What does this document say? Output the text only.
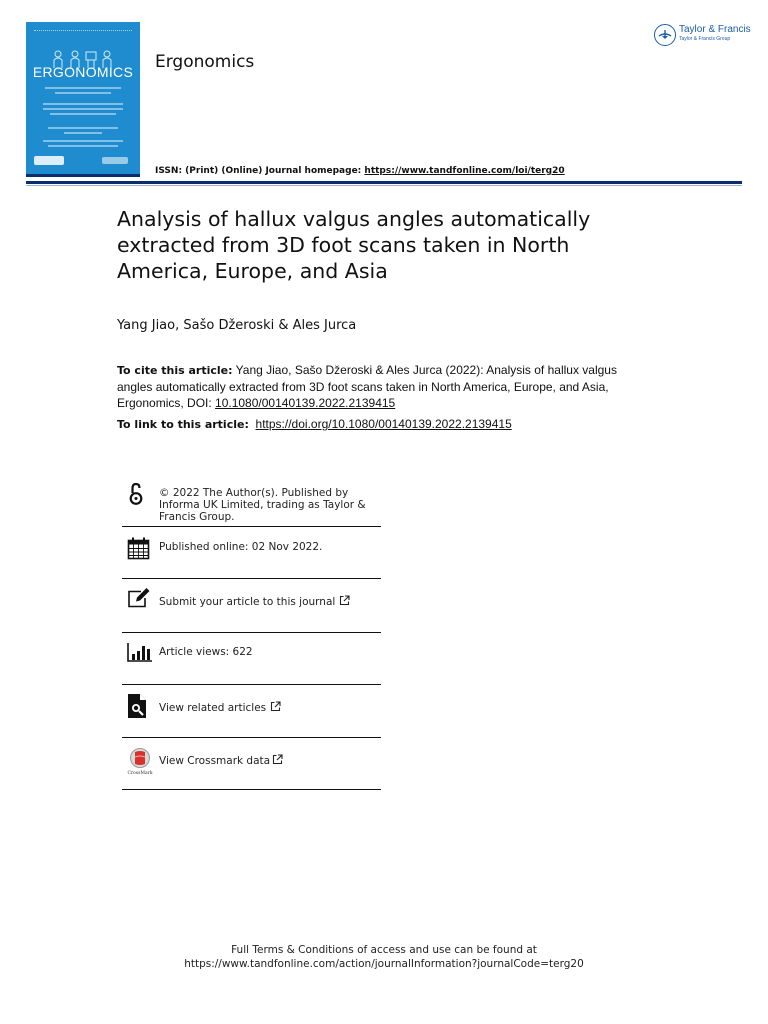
ERGONOMICS	Ergonomics
Taylor & Francis
Taylor & Francis Group
ISSN: (Print) (Online) Journal homepage: https://www.tandfonline.com/loi/terg20
Analysis of hallux valgus angles automatically extracted from 3D foot scans taken in North America, Europe, and Asia
Yang Jiao, Sašo Džeroski & Ales Jurca
To cite this article: Yang Jiao, Sašo Džeroski & Ales Jurca (2022): Analysis of hallux valgus angles automatically extracted from 3D foot scans taken in North America, Europe, and Asia, Ergonomics, DOI: 10.1080/00140139.2022.2139415
To link to this article: https://doi.org/10.1080/00140139.2022.2139415
© 2022 The Author(s). Published by Informa UK Limited, trading as Taylor & Francis Group.
Published online: 02 Nov 2022.
Submit your article to this journal
Article views: 622
View related articles
CrossMark
View Crossmark data
Full Terms & Conditions of access and use can be found at
https://www.tandfonline.com/action/journalInformation?journalCode=terg20
